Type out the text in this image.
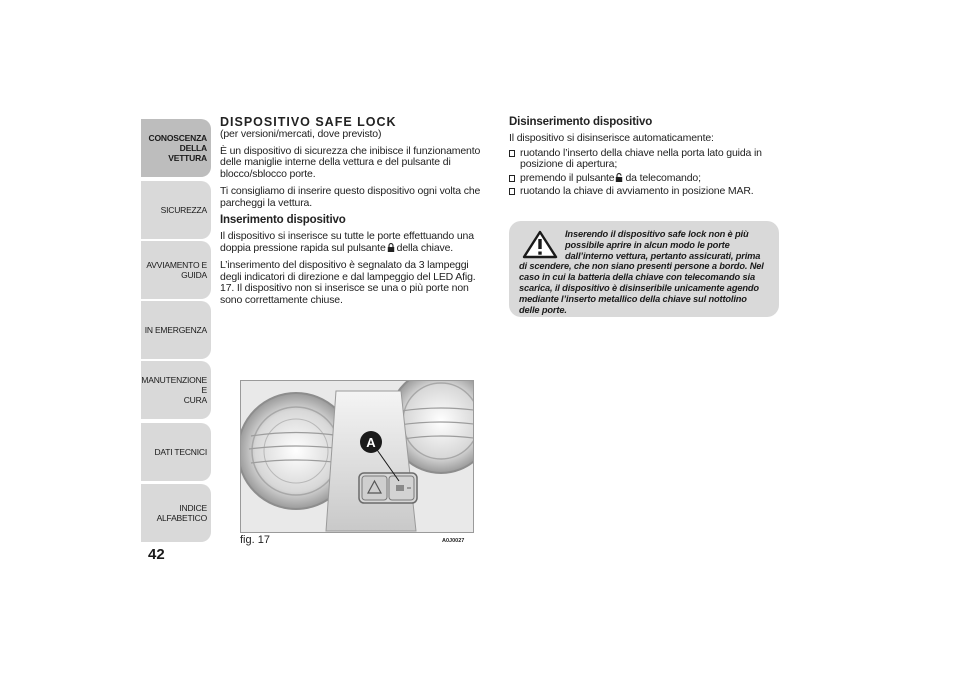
CONOSCENZA
DELLA VETTURA
SICUREZZA
AVVIAMENTO E
GUIDA
IN EMERGENZA
MANUTENZIONE E
CURA
DATI TECNICI
INDICE ALFABETICO
42
DISPOSITIVO SAFE LOCK

(per versioni/mercati, dove previsto)

È un dispositivo di sicurezza che inibisce il funzionamento delle maniglie interne della vettura e del pulsante di blocco/sblocco porte.

Ti consigliamo di inserire questo dispositivo ogni volta che parcheggi la vettura.

Inserimento dispositivo

Il dispositivo si inserisce su tutte le porte effettuando una doppia pressione rapida sul pulsante della chiave.

L’inserimento del dispositivo è segnalato da 3 lampeggi degli indicatori di direzione e dal lampeggio del LED Afig. 17. Il dispositivo non si inserisce se una o più porte non sono correttamente chiuse.

Disinserimento dispositivo

Il dispositivo si disinserisce automaticamente:

ruotando l’inserto della chiave nella porta lato guida in posizione di apertura;
premendo il pulsante da telecomando;
ruotando la chiave di avviamento in posizione MAR.
Inserendo il dispositivo safe lock non è più possibile aprire in alcun modo le porte dall’interno vettura, pertanto assicurati, prima di scendere, che non siano presenti persone a bordo. Nel caso in cui la batteria della chiave con telecomando sia scarica, il dispositivo è disinseribile unicamente agendo mediante l’inserto metallico della chiave sul nottolino delle porte.
A
fig. 17	A0J0027
